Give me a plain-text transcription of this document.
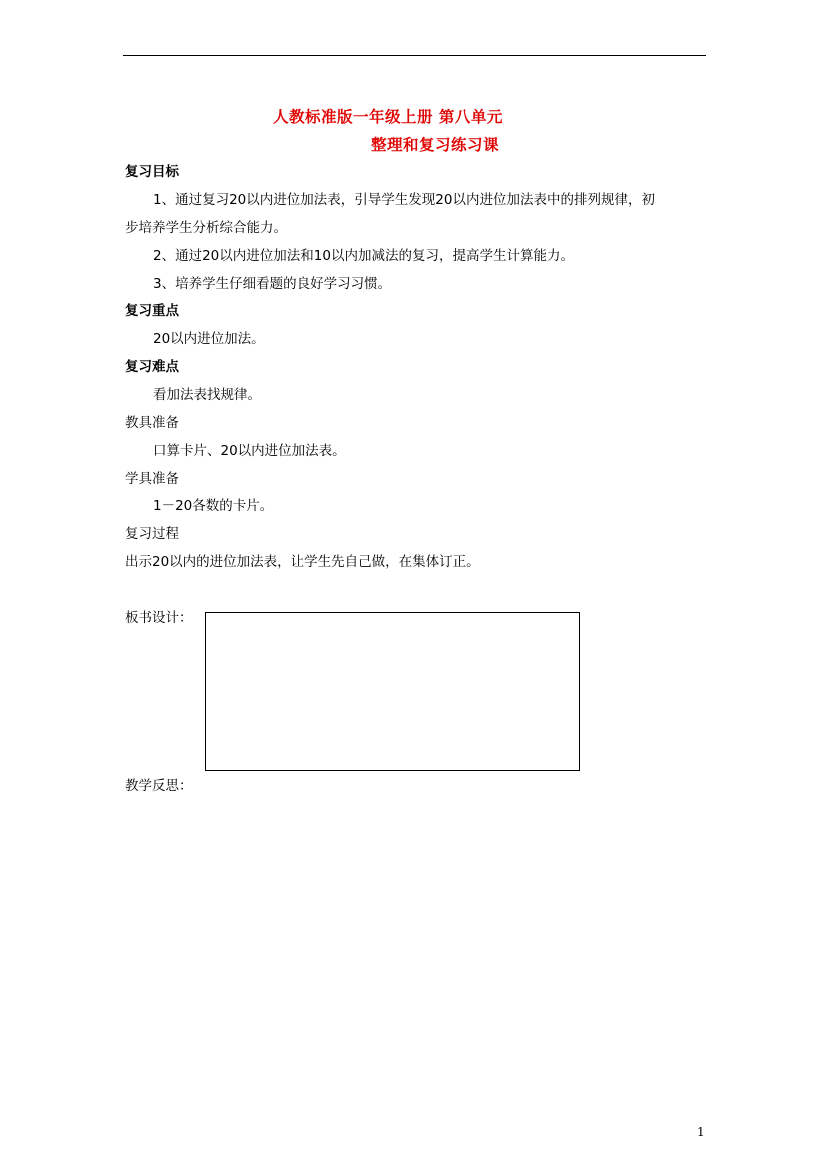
人教标准版一年级上册 第八单元
整理和复习练习课
复习目标
1、通过复习20以内进位加法表，引导学生发现20以内进位加法表中的排列规律，初
步培养学生分析综合能力。
2、通过20以内进位加法和10以内加减法的复习，提高学生计算能力。
3、培养学生仔细看题的良好学习习惯。
复习重点
20以内进位加法。
复习难点
看加法表找规律。
教具准备
口算卡片、20以内进位加法表。
学具准备
1－20各数的卡片。
复习过程
出示20以内的进位加法表，让学生先自己做，在集体订正。
板书设计：
教学反思：
1
